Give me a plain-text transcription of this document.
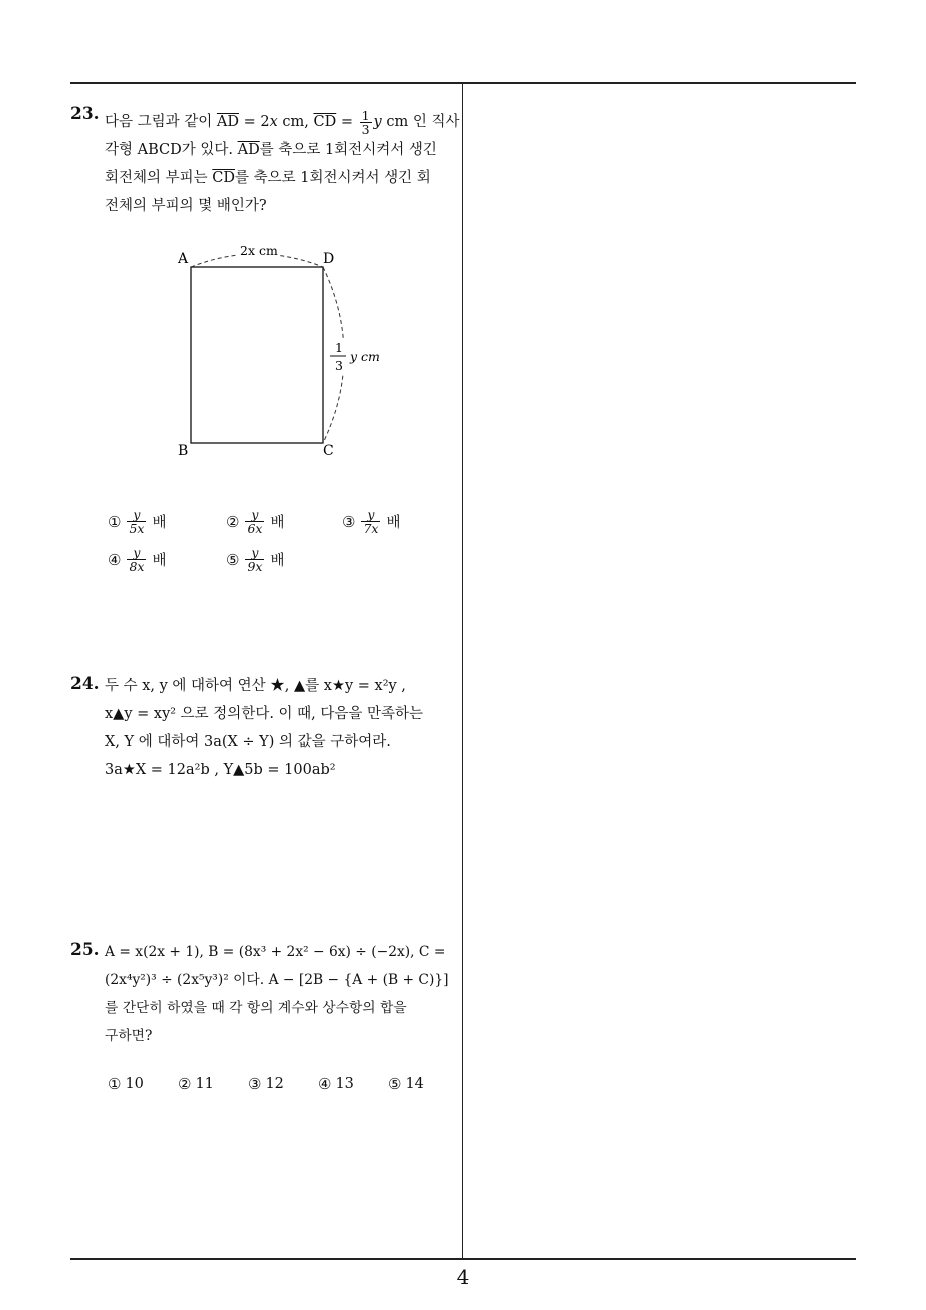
23. 다음 그림과 같이 $\overline{AD} = 2x$ cm, $\overline{CD} = \frac{1}{3}$ y cm 인 직사
각형 ABCD가 있다. $\overline{AD}$를 축으로 1회전시켜서 생긴
회전체의 부피는 $\overline{CD}$를 축으로 1회전시켜서 생긴 회
전체의 부피의 몇 배인가?
A	D
B	C
2x cm
1
3
y cm
① $\frac{y}{5x}$ 배	② $\frac{y}{6x}$ 배	③ $\frac{y}{7x}$ 배
④ $\frac{y}{8x}$ 배	⑤ $\frac{y}{9x}$ 배
24. 두 수 x, y 에 대하여 연산 ★, ▲를 x★y = x²y ,
x▲y = xy² 으로 정의한다. 이 때, 다음을 만족하는
X, Y 에 대하여 3a(X ÷ Y) 의 값을 구하여라.
3a★X = 12a²b , Y▲5b = 100ab²
25. A = x(2x + 1), B = (8x³ + 2x² − 6x) ÷ (−2x), C =
(2x⁴y²)³ ÷ (2x⁵y³)² 이다. A − [2B − {A + (B + C)}]
를 간단히 하였을 때 각 항의 계수와 상수항의 합을
구하면?
① 10 ② 11 ③ 12 ④ 13 ⑤ 14
4
